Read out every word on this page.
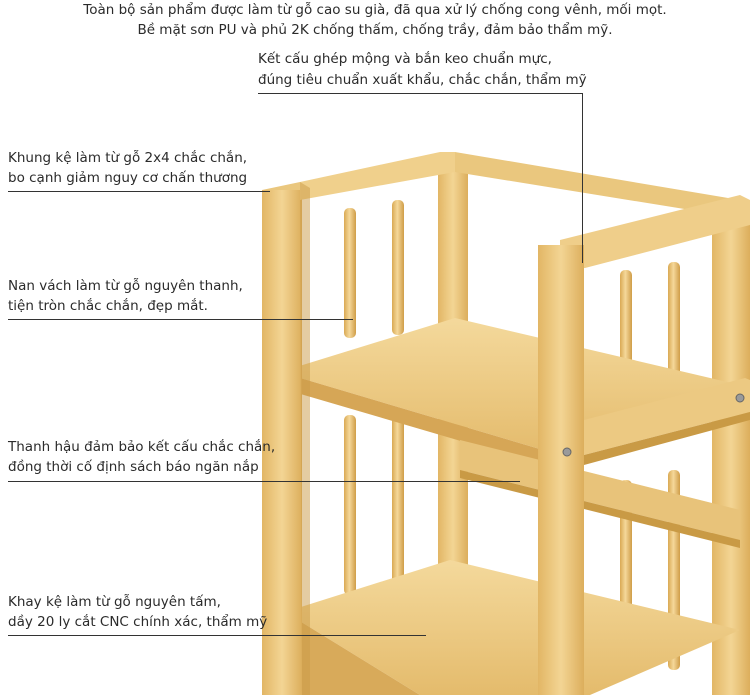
Toàn bộ sản phẩm được làm từ gỗ cao su già, đã qua xử lý chống cong vênh, mối mọt.
Bề mặt sơn PU và phủ 2K chống thấm, chống trầy, đảm bảo thẩm mỹ.
Kết cấu ghép mộng và bắn keo chuẩn mực,
đúng tiêu chuẩn xuất khẩu, chắc chắn, thẩm mỹ
Khung kệ làm từ gỗ 2x4 chắc chắn,
bo cạnh giảm nguy cơ chấn thương
Nan vách làm từ gỗ nguyên thanh,
tiện tròn chắc chắn, đẹp mắt.
Thanh hậu đảm bảo kết cấu chắc chắn,
đồng thời cố định sách báo ngăn nắp
Khay kệ làm từ gỗ nguyên tấm,
dầy 20 ly cắt CNC chính xác, thẩm mỹ
